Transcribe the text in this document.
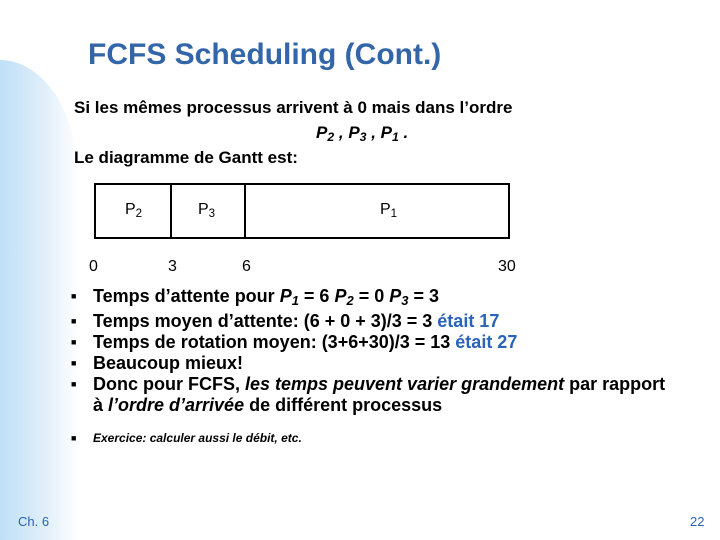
FCFS Scheduling (Cont.)
Si les mêmes processus arrivent à 0 mais dans l’ordre
$P_2$ , $P_3$ , $P_1$ .
Le diagramme de Gantt est:
$P_2$	$P_3$	$P_1$
0	3	6	30
■ Temps d’attente pour $P_1 = 6$ $P_2 = 0$ $P_3 = 3$
■ Temps moyen d’attente: (6 + 0 + 3)/3 = 3 était 17
■ Temps de rotation moyen: (3+6+30)/3 = 13 était 27
■ Beaucoup mieux!
■ Donc pour FCFS, les temps peuvent varier grandement par rapport à l’ordre d’arrivée de différent processus
■	Exercice: calculer aussi le débit, etc.
Ch. 6	22
